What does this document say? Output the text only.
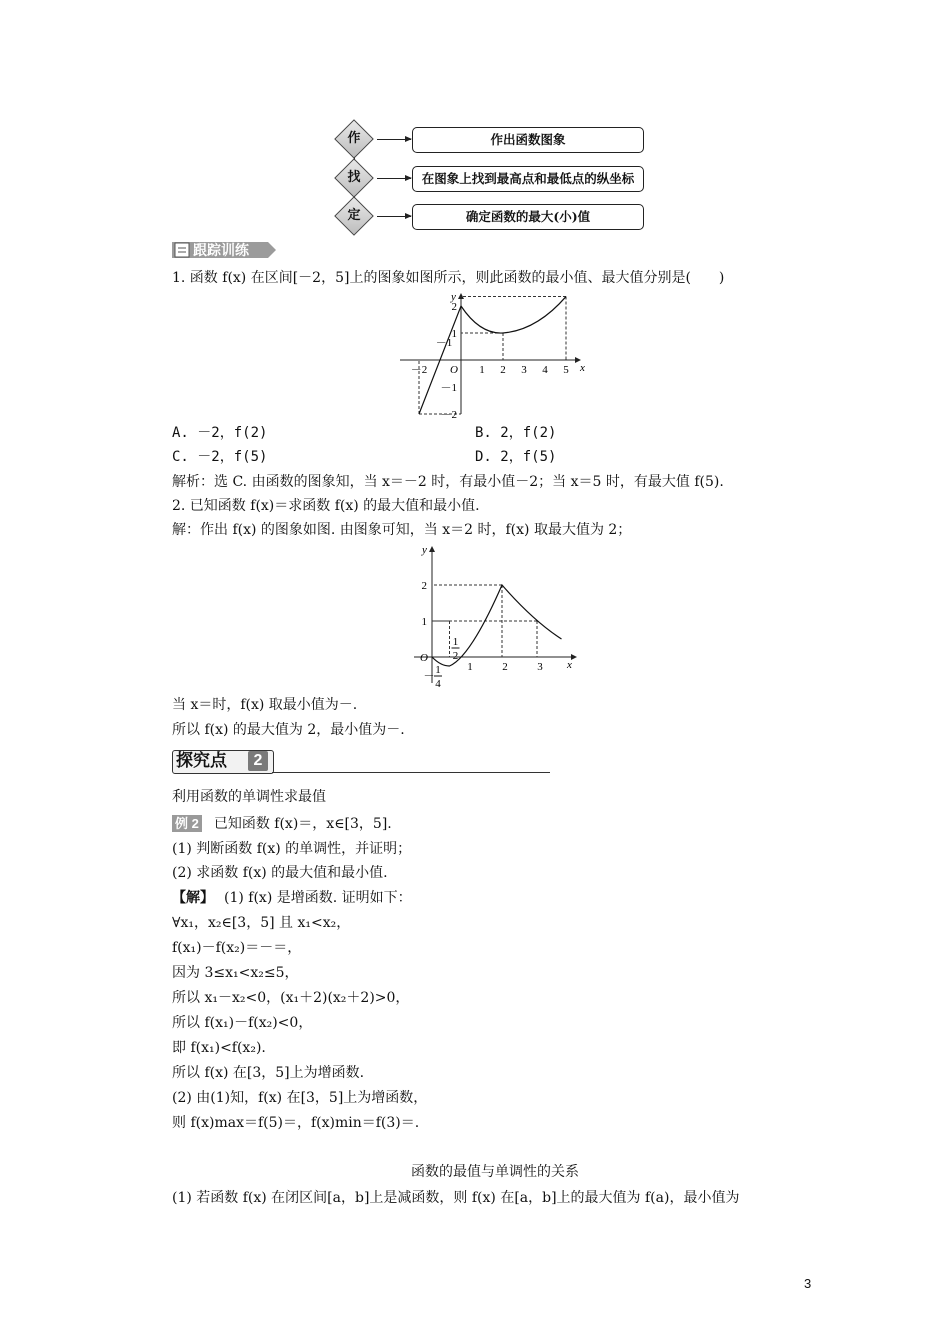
作	作出函数图象
找	在图象上找到最高点和最低点的纵坐标
定	确定函数的最大(小)值
跟踪训练
1. 函数 f(x) 在区间[－2，5]上的图象如图所示，则此函数的最小值、最大值分别是(　　)
－2
－1
1 2 3 4 5
2
1
－1
－2
O	x
y
A. －2，f(2)	B. 2，f(2)
C. －2，f(5)	D. 2，f(5)
解析：选 C. 由函数的图象知，当 x＝－2 时，有最小值－2；当 x＝5 时，有最大值 f(5).
2. 已知函数 f(x)＝求函数 f(x) 的最大值和最小值.
解：作出 f(x) 的图象如图. 由图象可知，当 x＝2 时，f(x) 取最大值为 2；
1	2	3
2
1
1
2
－ 1
4
O
x
y
当 x＝时，f(x) 取最小值为－.
所以 f(x) 的最大值为 2，最小值为－.
探究点	2
利用函数的单调性求最值
例 2 已知函数 f(x)＝，x∈[3，5].
(1) 判断函数 f(x) 的单调性，并证明；
(2) 求函数 f(x) 的最大值和最小值.
【解】 (1) f(x) 是增函数. 证明如下：
∀x₁，x₂∈[3，5] 且 x₁<x₂，
f(x₁)－f(x₂)＝－＝，
因为 3≤x₁<x₂≤5，
所以 x₁－x₂<0，(x₁＋2)(x₂＋2)>0，
所以 f(x₁)－f(x₂)<0，
即 f(x₁)<f(x₂).
所以 f(x) 在[3，5]上为增函数.
(2) 由(1)知，f(x) 在[3，5]上为增函数，
则 f(x)max＝f(5)＝，f(x)min＝f(3)＝.
函数的最值与单调性的关系
(1) 若函数 f(x) 在闭区间[a，b]上是减函数，则 f(x) 在[a，b]上的最大值为 f(a)，最小值为
3
